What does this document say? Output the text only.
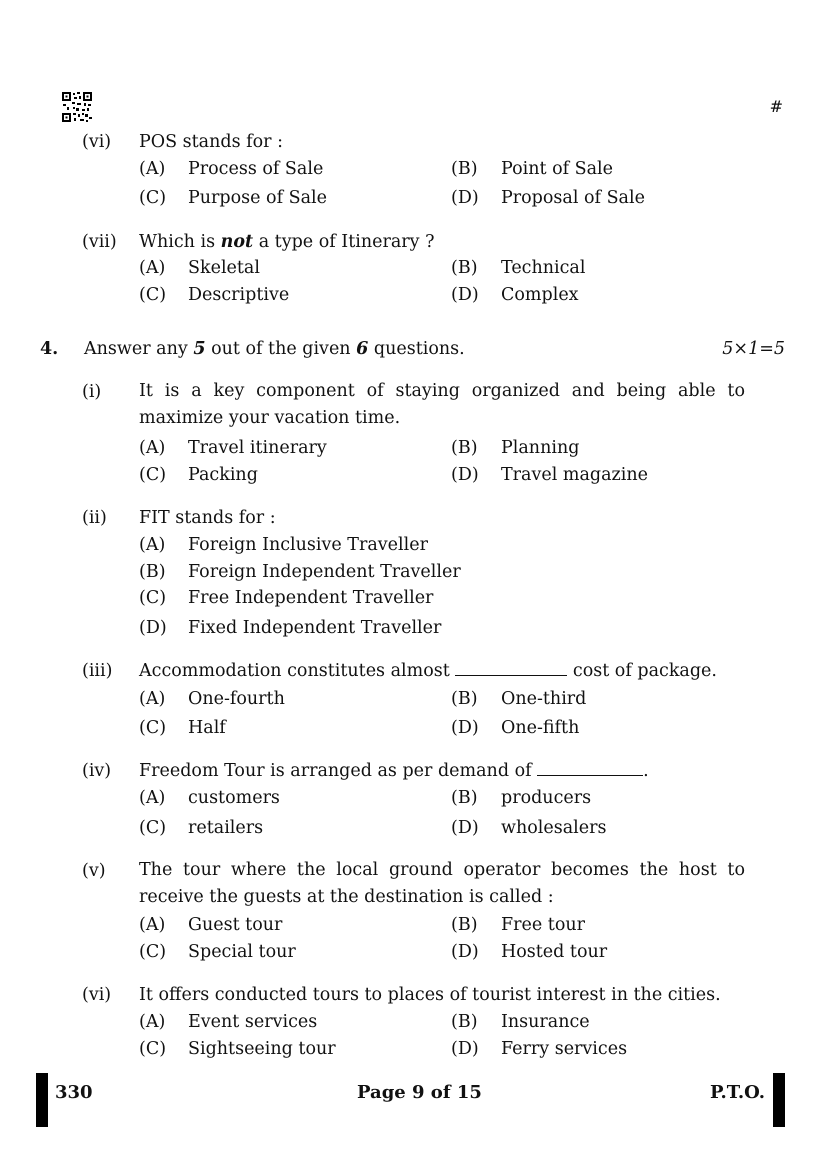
#
(vi) POS stands for :
(A) Process of Sale	(B) Point of Sale
(C) Purpose of Sale	(D) Proposal of Sale
(vii) Which is not a type of Itinerary ?
(A) Skeletal	(B) Technical
(C) Descriptive	(D) Complex
4. Answer any 5 out of the given 6 questions.	5×1=5
(i) It is a key component of staying organized and being able to maximize your vacation time.
(A) Travel itinerary	(B) Planning
(C) Packing	(D) Travel magazine
(ii) FIT stands for :
(A) Foreign Inclusive Traveller
(B) Foreign Independent Traveller
(C) Free Independent Traveller
(D) Fixed Independent Traveller
(iii) Accommodation constitutes almost	cost of package.
(A) One-fourth	(B) One-third
(C) Half	(D) One-fifth
(iv) Freedom Tour is arranged as per demand of	.
(A) customers	(B) producers
(C) retailers	(D) wholesalers
(v) The tour where the local ground operator becomes the host to receive the guests at the destination is called :
(A) Guest tour	(B) Free tour
(C) Special tour	(D) Hosted tour
(vi) It offers conducted tours to places of tourist interest in the cities.
(A) Event services	(B) Insurance
(C) Sightseeing tour	(D) Ferry services
330	Page 9 of 15	P.T.O.
